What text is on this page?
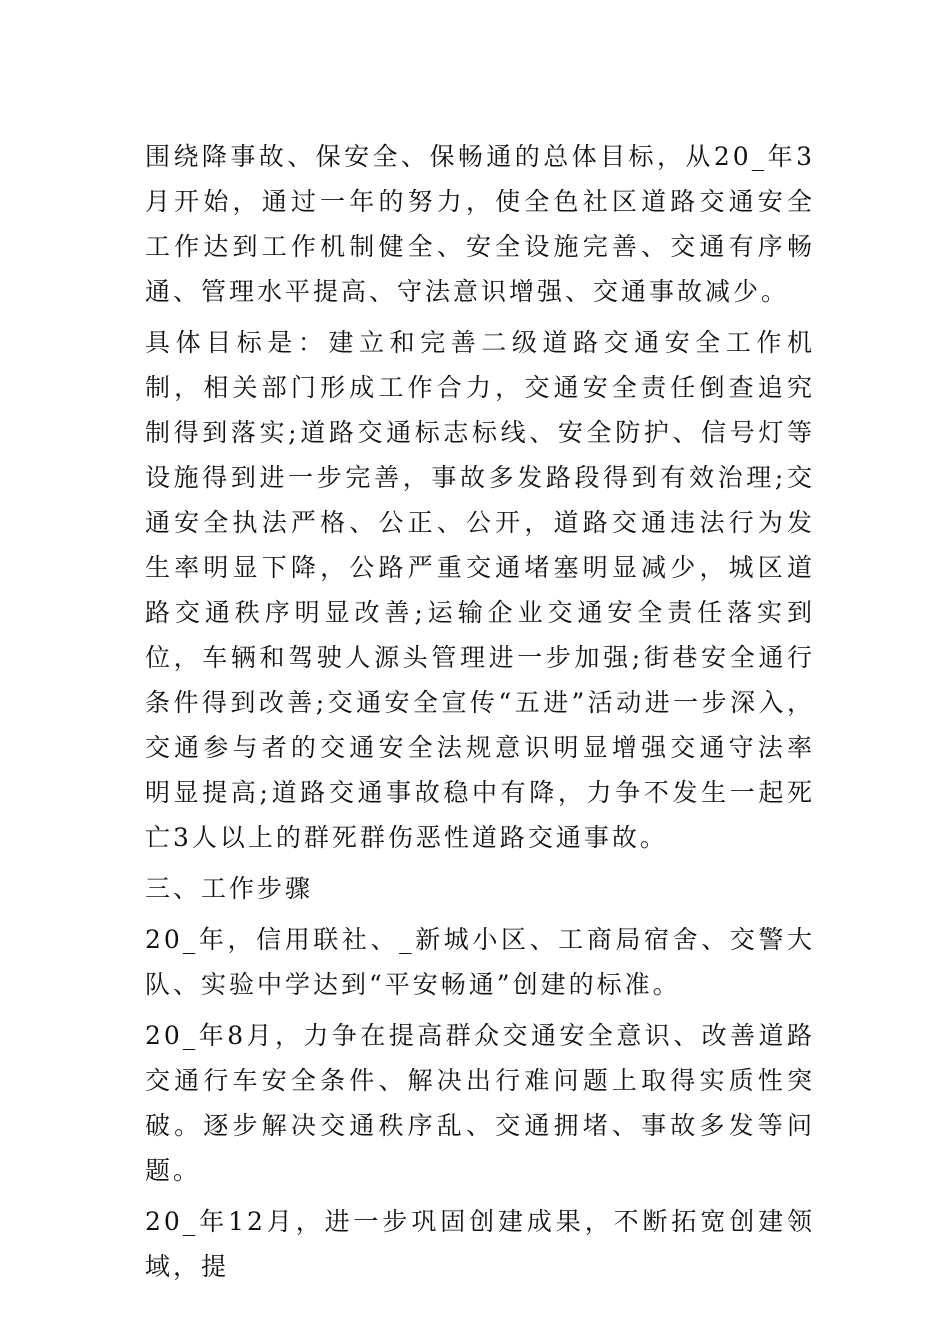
围绕降事故、保安全、保畅通的总体目标，从20_年3月开始，通过一年的努力，使全色社区道路交通安全工作达到工作机制健全、安全设施完善、交通有序畅通、管理水平提高、守法意识增强、交通事故减少。

具体目标是：建立和完善二级道路交通安全工作机制，相关部门形成工作合力，交通安全责任倒查追究制得到落实;道路交通标志标线、安全防护、信号灯等设施得到进一步完善，事故多发路段得到有效治理;交通安全执法严格、公正、公开，道路交通违法行为发生率明显下降，公路严重交通堵塞明显减少，城区道路交通秩序明显改善;运输企业交通安全责任落实到位，车辆和驾驶人源头管理进一步加强;街巷安全通行条件得到改善;交通安全宣传“五进”活动进一步深入，交通参与者的交通安全法规意识明显增强交通守法率明显提高;道路交通事故稳中有降，力争不发生一起死亡3人以上的群死群伤恶性道路交通事故。

三、工作步骤

20_年，信用联社、_新城小区、工商局宿舍、交警大队、实验中学达到“平安畅通”创建的标准。

20_年8月，力争在提高群众交通安全意识、改善道路交通行车安全条件、解决出行难问题上取得实质性突破。逐步解决交通秩序乱、交通拥堵、事故多发等问题。

20_年12月，进一步巩固创建成果，不断拓宽创建领域，提
